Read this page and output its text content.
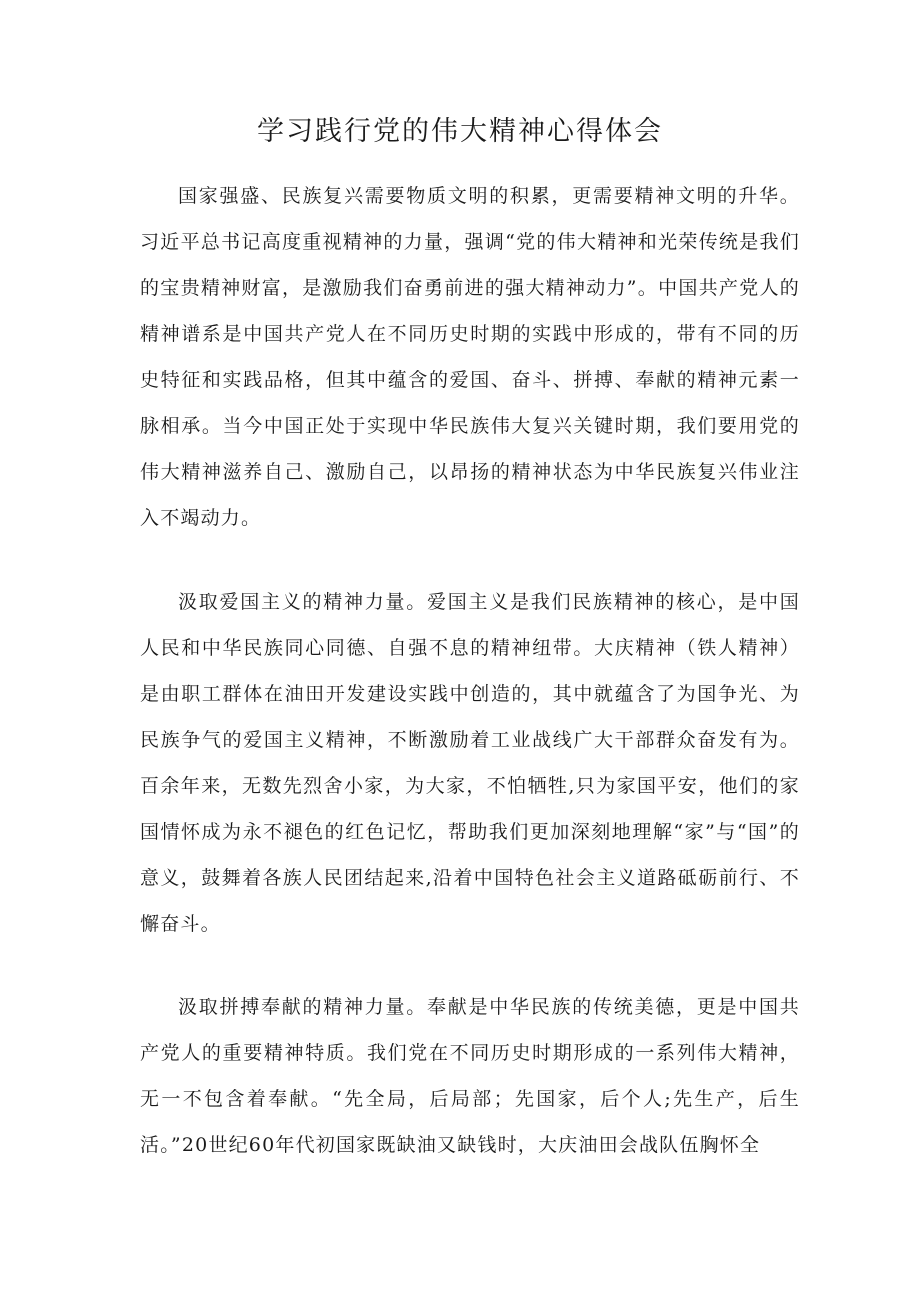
学习践行党的伟大精神心得体会

国家强盛、民族复兴需要物质文明的积累，更需要精神文明的升华。习近平总书记高度重视精神的力量，强调“党的伟大精神和光荣传统是我们的宝贵精神财富，是激励我们奋勇前进的强大精神动力”。中国共产党人的精神谱系是中国共产党人在不同历史时期的实践中形成的，带有不同的历史特征和实践品格，但其中蕴含的爱国、奋斗、拼搏、奉献的精神元素一脉相承。当今中国正处于实现中华民族伟大复兴关键时期，我们要用党的伟大精神滋养自己、激励自己，以昂扬的精神状态为中华民族复兴伟业注入不竭动力。

汲取爱国主义的精神力量。爱国主义是我们民族精神的核心，是中国人民和中华民族同心同德、自强不息的精神纽带。大庆精神（铁人精神）是由职工群体在油田开发建设实践中创造的，其中就蕴含了为国争光、为民族争气的爱国主义精神，不断激励着工业战线广大干部群众奋发有为。百余年来，无数先烈舍小家，为大家，不怕牺牲,只为家国平安，他们的家国情怀成为永不褪色的红色记忆，帮助我们更加深刻地理解“家”与“国”的意义，鼓舞着各族人民团结起来,沿着中国特色社会主义道路砥砺前行、不懈奋斗。

汲取拼搏奉献的精神力量。奉献是中华民族的传统美德，更是中国共产党人的重要精神特质。我们党在不同历史时期形成的一系列伟大精神，无一不包含着奉献。“先全局，后局部；先国家，后个人;先生产，后生活。”20世纪60年代初国家既缺油又缺钱时，大庆油田会战队伍胸怀全
